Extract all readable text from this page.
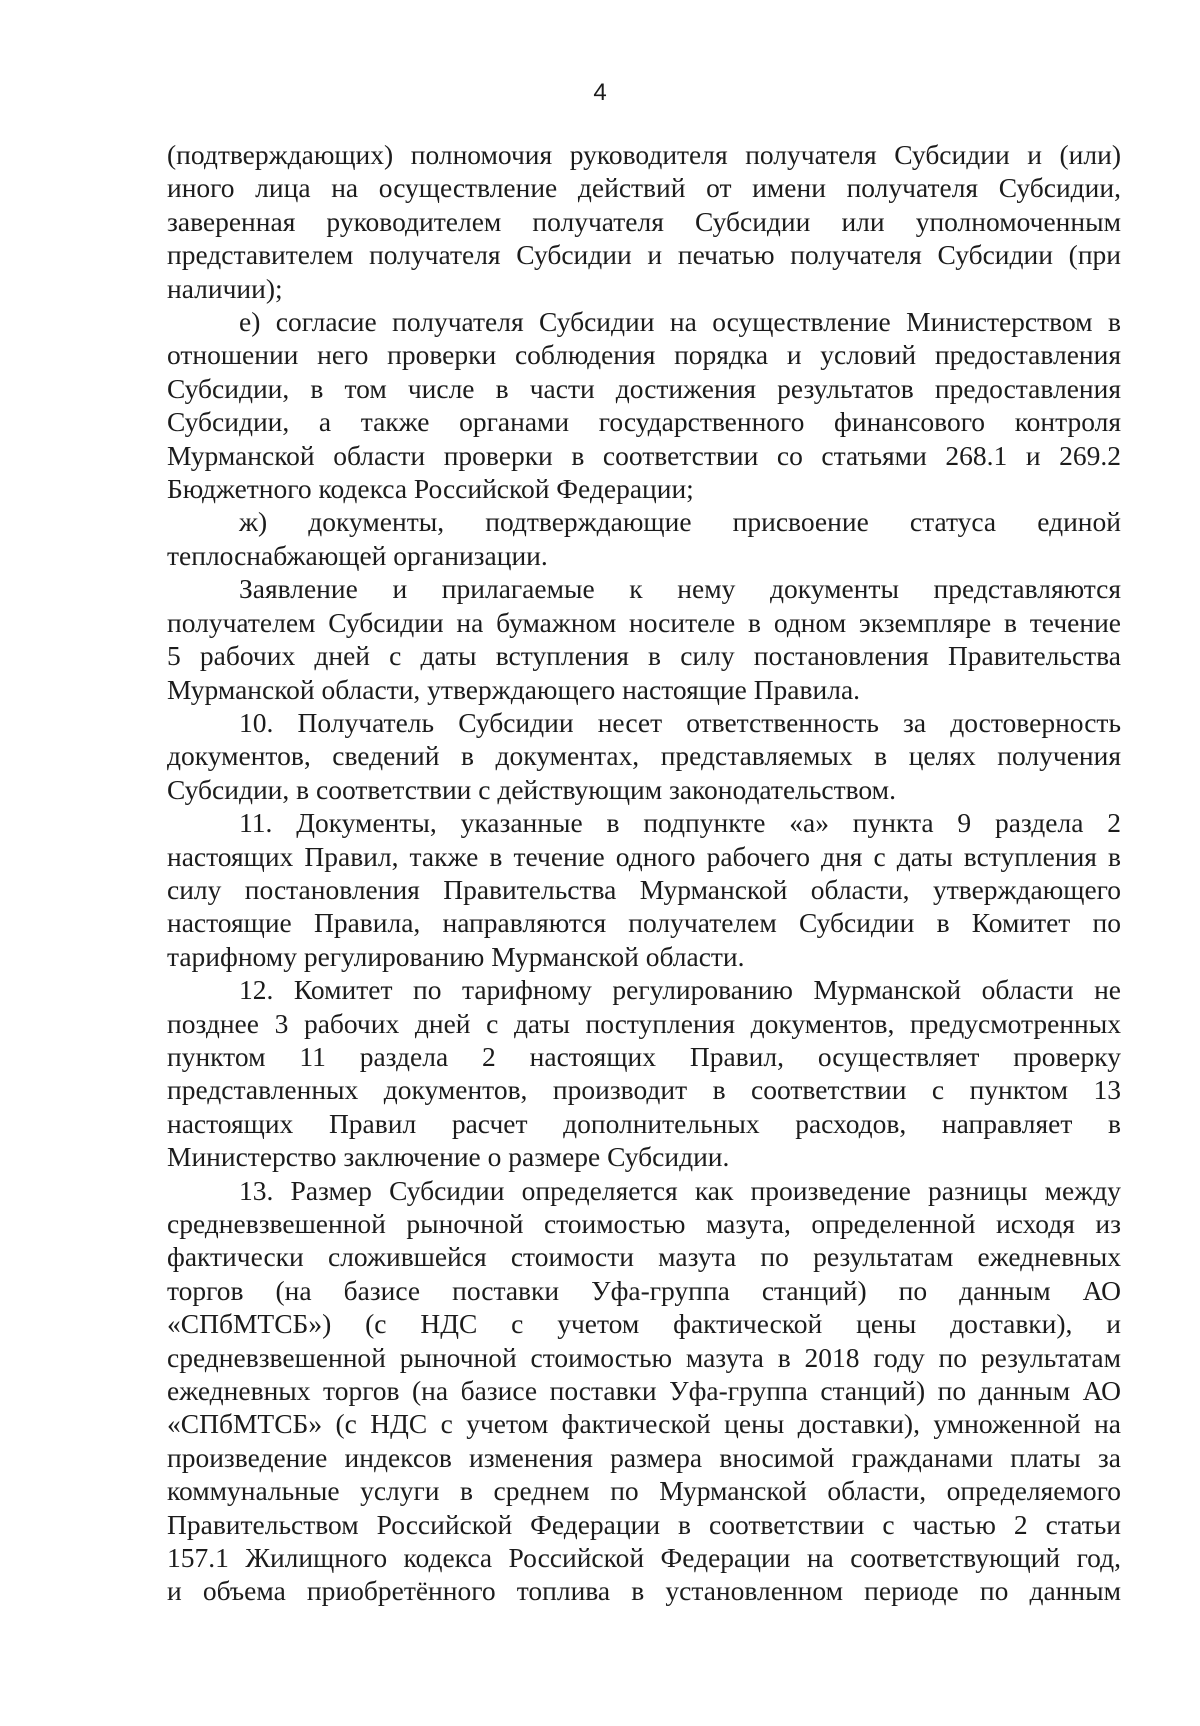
4

(подтверждающих) полномочия руководителя получателя Субсидии и (или)

иного лица на осуществление действий от имени получателя Субсидии,

заверенная руководителем получателя Субсидии или уполномоченным

представителем получателя Субсидии и печатью получателя Субсидии (при

наличии);

е) согласие получателя Субсидии на осуществление Министерством в

отношении него проверки соблюдения порядка и условий предоставления

Субсидии, в том числе в части достижения результатов предоставления

Субсидии, а также органами государственного финансового контроля

Мурманской области проверки в соответствии со статьями 268.1 и 269.2

Бюджетного кодекса Российской Федерации;

ж) документы, подтверждающие присвоение статуса единой

теплоснабжающей организации.

Заявление и прилагаемые к нему документы представляются

получателем Субсидии на бумажном носителе в одном экземпляре в течение

5 рабочих дней с даты вступления в силу постановления Правительства

Мурманской области, утверждающего настоящие Правила.

10. Получатель Субсидии несет ответственность за достоверность

документов, сведений в документах, представляемых в целях получения

Субсидии, в соответствии с действующим законодательством.

11. Документы, указанные в подпункте «а» пункта 9 раздела 2

настоящих Правил, также в течение одного рабочего дня с даты вступления в

силу постановления Правительства Мурманской области, утверждающего

настоящие Правила, направляются получателем Субсидии в Комитет по

тарифному регулированию Мурманской области.

12. Комитет по тарифному регулированию Мурманской области не

позднее 3 рабочих дней с даты поступления документов, предусмотренных

пунктом 11 раздела 2 настоящих Правил, осуществляет проверку

представленных документов, производит в соответствии с пунктом 13

настоящих Правил расчет дополнительных расходов, направляет в

Министерство заключение о размере Субсидии.

13. Размер Субсидии определяется как произведение разницы между

средневзвешенной рыночной стоимостью мазута, определенной исходя из

фактически сложившейся стоимости мазута по результатам ежедневных

торгов (на базисе поставки Уфа-группа станций) по данным АО

«СПбМТСБ») (с НДС с учетом фактической цены доставки), и

средневзвешенной рыночной стоимостью мазута в 2018 году по результатам

ежедневных торгов (на базисе поставки Уфа-группа станций) по данным АО

«СПбМТСБ» (с НДС с учетом фактической цены доставки), умноженной на

произведение индексов изменения размера вносимой гражданами платы за

коммунальные услуги в среднем по Мурманской области, определяемого

Правительством Российской Федерации в соответствии с частью 2 статьи

157.1 Жилищного кодекса Российской Федерации на соответствующий год,

и объема приобретённого топлива в установленном периоде по данным
